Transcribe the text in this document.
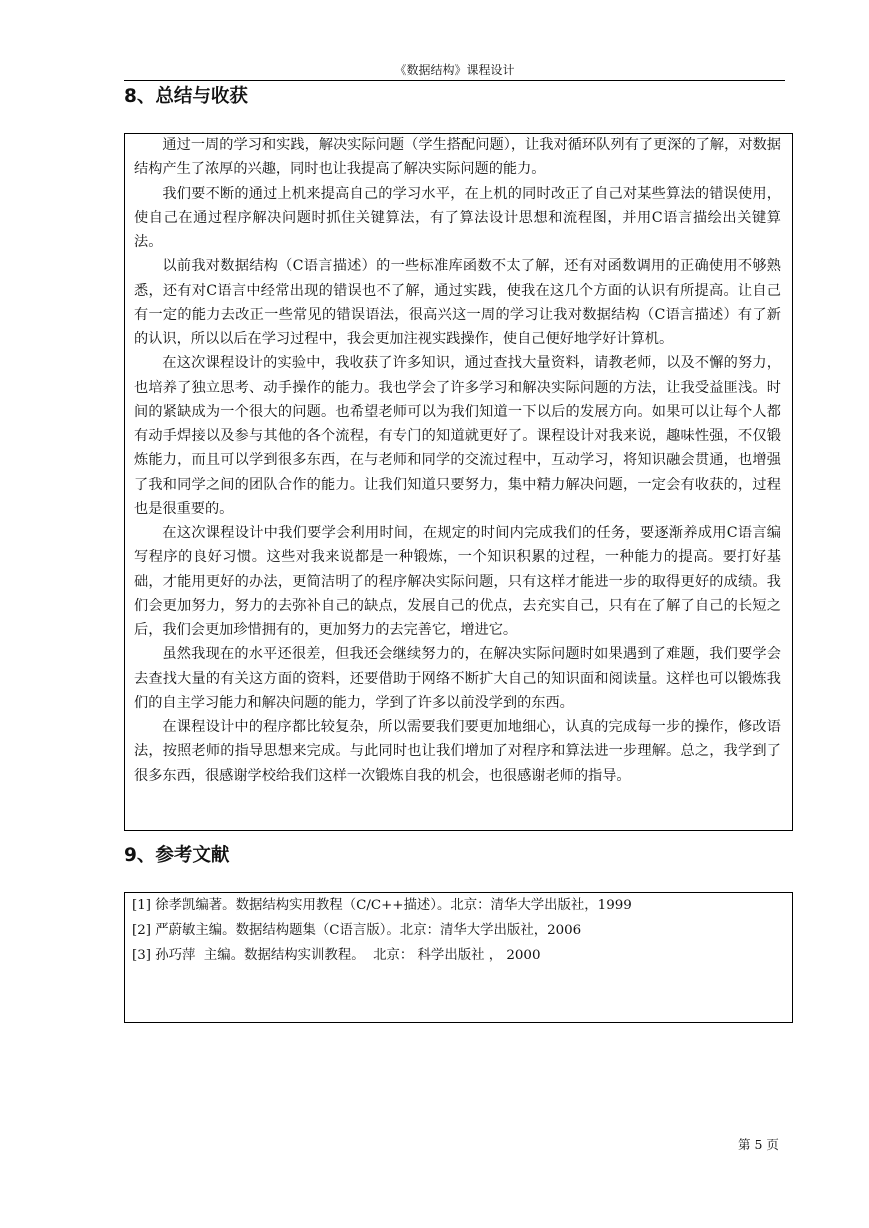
《数据结构》课程设计
8、总结与收获

通过一周的学习和实践，解决实际问题（学生搭配问题），让我对循环队列有了更深的了解，对数据结构产生了浓厚的兴趣，同时也让我提高了解决实际问题的能力。

我们要不断的通过上机来提高自己的学习水平，在上机的同时改正了自己对某些算法的错误使用，使自己在通过程序解决问题时抓住关键算法，有了算法设计思想和流程图，并用C语言描绘出关键算法。

以前我对数据结构（C语言描述）的一些标准库函数不太了解，还有对函数调用的正确使用不够熟悉，还有对C语言中经常出现的错误也不了解，通过实践，使我在这几个方面的认识有所提高。让自己有一定的能力去改正一些常见的错误语法，很高兴这一周的学习让我对数据结构（C语言描述）有了新的认识，所以以后在学习过程中，我会更加注视实践操作，使自己便好地学好计算机。

在这次课程设计的实验中，我收获了许多知识，通过查找大量资料，请教老师，以及不懈的努力，也培养了独立思考、动手操作的能力。我也学会了许多学习和解决实际问题的方法，让我受益匪浅。时间的紧缺成为一个很大的问题。也希望老师可以为我们知道一下以后的发展方向。如果可以让每个人都有动手焊接以及参与其他的各个流程，有专门的知道就更好了。课程设计对我来说，趣味性强，不仅锻炼能力，而且可以学到很多东西，在与老师和同学的交流过程中，互动学习，将知识融会贯通，也增强了我和同学之间的团队合作的能力。让我们知道只要努力，集中精力解决问题，一定会有收获的，过程也是很重要的。

在这次课程设计中我们要学会利用时间，在规定的时间内完成我们的任务，要逐渐养成用C语言编写程序的良好习惯。这些对我来说都是一种锻炼，一个知识积累的过程，一种能力的提高。要打好基础，才能用更好的办法，更简洁明了的程序解决实际问题，只有这样才能进一步的取得更好的成绩。我们会更加努力，努力的去弥补自己的缺点，发展自己的优点，去充实自己，只有在了解了自己的长短之后，我们会更加珍惜拥有的，更加努力的去完善它，增进它。

虽然我现在的水平还很差，但我还会继续努力的，在解决实际问题时如果遇到了难题，我们要学会去查找大量的有关这方面的资料，还要借助于网络不断扩大自己的知识面和阅读量。这样也可以锻炼我们的自主学习能力和解决问题的能力，学到了许多以前没学到的东西。

在课程设计中的程序都比较复杂，所以需要我们要更加地细心，认真的完成每一步的操作，修改语法，按照老师的指导思想来完成。与此同时也让我们增加了对程序和算法进一步理解。总之，我学到了很多东西，很感谢学校给我们这样一次锻炼自我的机会，也很感谢老师的指导。

9、参考文献

[1] 徐孝凯编著。数据结构实用教程（C/C++描述）。北京：清华大学出版社，1999

[2] 严蔚敏主编。数据结构题集（C语言版）。北京：清华大学出版社，2006

[3] 孙巧萍  主编。数据结构实训教程。  北京： 科学出版社 ， 2000

第 5 页
